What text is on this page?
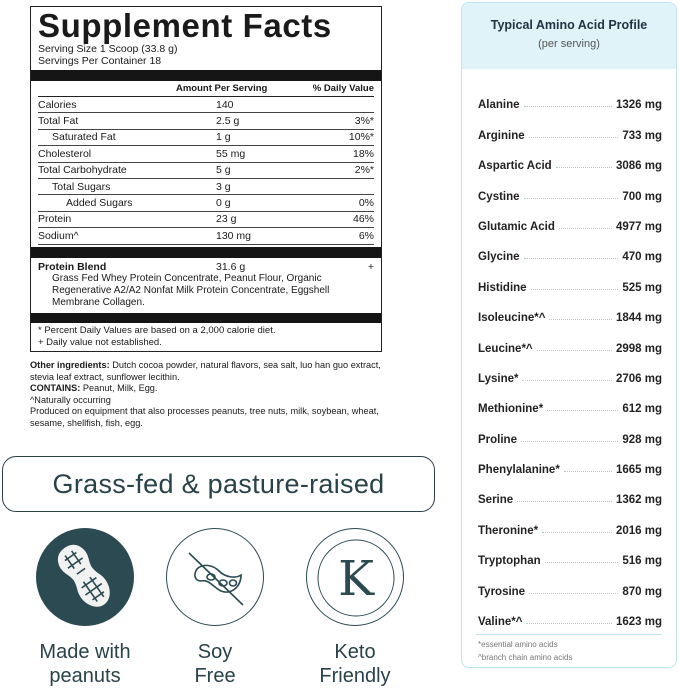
Supplement Facts
Serving Size 1 Scoop (33.8 g)
Servings Per Container 18
Amount Per Serving	% Daily Value
Calories	140
Total Fat	2.5 g	3%*
Saturated Fat	1 g	10%*
Cholesterol	55 mg	18%
Total Carbohydrate	5 g	2%*
Total Sugars	3 g
Added Sugars	0 g	0%
Protein	23 g	46%
Sodium^	130 mg	6%
Protein Blend	31.6 g	+
Grass Fed Whey Protein Concentrate, Peanut Flour, Organic Regenerative A2/A2 Nonfat Milk Protein Concentrate, Eggshell Membrane Collagen.
* Percent Daily Values are based on a 2,000 calorie diet.
+ Daily value not established.
Other ingredients: Dutch cocoa powder, natural flavors, sea salt, luo han guo extract, stevia leaf extract, sunflower lecithin.
CONTAINS: Peanut, Milk, Egg.
^Naturally occurring
Produced on equipment that also processes peanuts, tree nuts, milk, soybean, wheat, sesame, shellfish, fish, egg.
Grass-fed & pasture-raised
Made with
peanuts
Soy
Free
K
Keto
Friendly
Typical Amino Acid Profile
(per serving)
Alanine	1326 mg
Arginine	733 mg
Aspartic Acid	3086 mg
Cystine	700 mg
Glutamic Acid	4977 mg
Glycine	470 mg
Histidine	525 mg
Isoleucine*^	1844 mg
Leucine*^	2998 mg
Lysine*	2706 mg
Methionine*	612 mg
Proline	928 mg
Phenylalanine*	1665 mg
Serine	1362 mg
Theronine*	2016 mg
Tryptophan	516 mg
Tyrosine	870 mg
Valine*^	1623 mg
*essential amino acids
^branch chain amino acids
